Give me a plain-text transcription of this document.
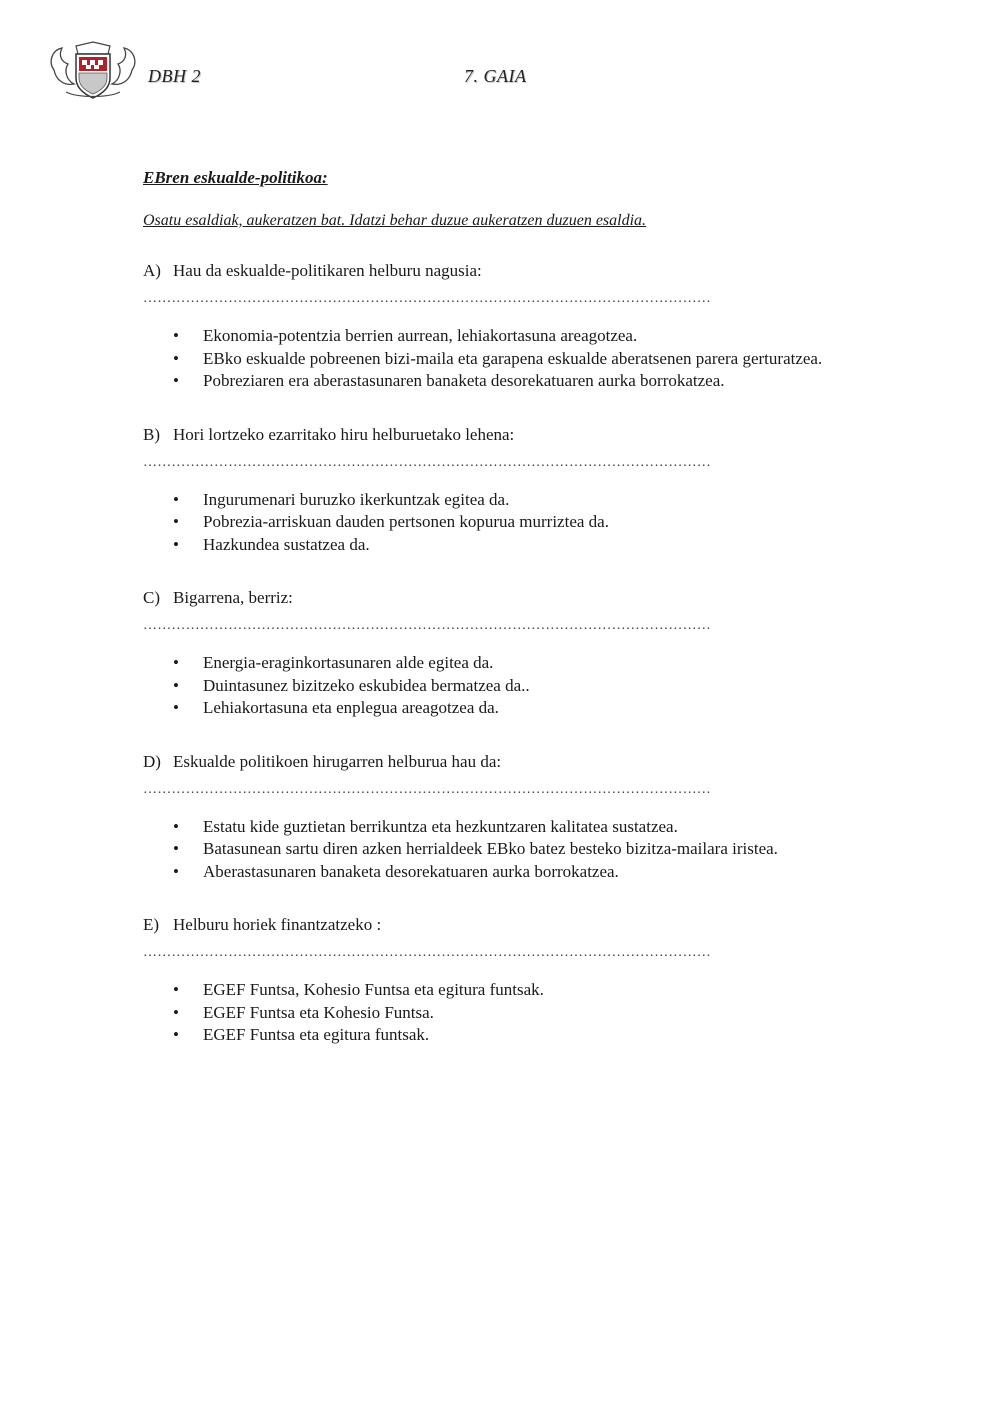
DBH 2	7. GAIA
EBren eskualde-politikoa:
Osatu esaldiak, aukeratzen bat. Idatzi behar duzue aukeratzen duzuen esaldia.
A) Hau da eskualde-politikaren helburu nagusia:
…………………………………………………………………………………………………………
• Ekonomia-potentzia berrien aurrean, lehiakortasuna areagotzea.
• EBko eskualde pobreenen bizi-maila eta garapena eskualde aberatsenen parera gerturatzea.
• Pobreziaren era aberastasunaren banaketa desorekatuaren aurka borrokatzea.
B) Hori lortzeko ezarritako hiru helburuetako lehena:
…………………………………………………………………………………………………………
• Ingurumenari buruzko ikerkuntzak egitea da.
• Pobrezia-arriskuan dauden pertsonen kopurua murriztea da.
• Hazkundea sustatzea da.
C) Bigarrena, berriz:
…………………………………………………………………………………………………………
• Energia-eraginkortasunaren alde egitea da.
• Duintasunez bizitzeko eskubidea bermatzea da..
• Lehiakortasuna eta enplegua areagotzea da.
D) Eskualde politikoen hirugarren helburua hau da:
…………………………………………………………………………………………………………
• Estatu kide guztietan berrikuntza eta hezkuntzaren kalitatea sustatzea.
• Batasunean sartu diren azken herrialdeek EBko batez besteko bizitza-mailara iristea.
• Aberastasunaren banaketa desorekatuaren aurka borrokatzea.
E) Helburu horiek finantzatzeko :
…………………………………………………………………………………………………………
• EGEF Funtsa, Kohesio Funtsa eta egitura funtsak.
• EGEF Funtsa eta Kohesio Funtsa.
• EGEF Funtsa eta egitura funtsak.
